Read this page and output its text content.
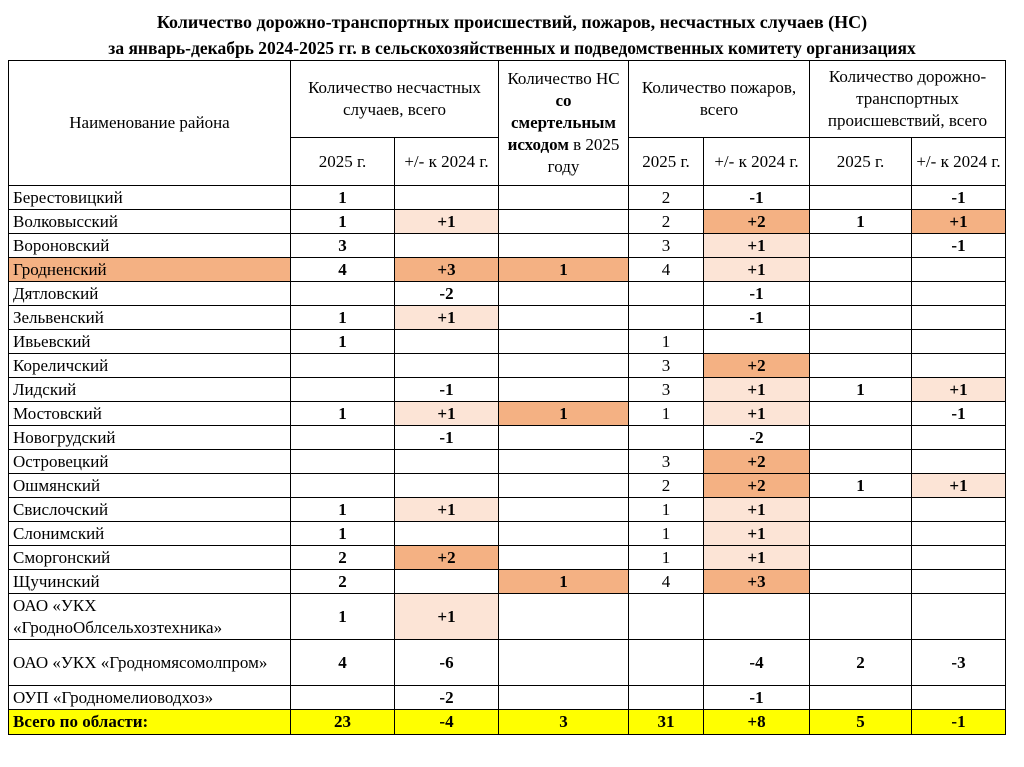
Количество дорожно-транспортных происшествий, пожаров, несчастных случаев (НС)
за январь-декабрь 2024-2025 гг. в сельскохозяйственных и подведомственных комитету организациях
Наименование района	Количество несчастных случаев, всего		Количество НС со смертельным исходом в 2025 году	Количество пожаров, всего		Количество дорожно-транспортных происшевствий, всего	
	2025 г.	+/- к 2024 г.		2025 г.	+/- к 2024 г.	2025 г.	+/- к 2024 г.
Берестовицкий	1			2	-1		-1
Волковысский	1	+1		2	+2	1	+1
Вороновский	3			3	+1		-1
Гродненский	4	+3	1	4	+1		
Дятловский		-2			-1		
Зельвенский	1	+1			-1		
Ивьевский	1			1			
Кореличский				3	+2		
Лидский		-1		3	+1	1	+1
Мостовский	1	+1	1	1	+1		-1
Новогрудский		-1			-2		
Островецкий				3	+2		
Ошмянский				2	+2	1	+1
Свислочский	1	+1		1	+1		
Слонимский	1			1	+1		
Сморгонский	2	+2		1	+1		
Щучинский	2		1	4	+3		
ОАО «УКХ «ГродноОблсельхозтехника»	1	+1					
ОАО «УКХ «Гродномясомолпром»	4	-6			-4	2	-3
ОУП «Гродномелиоводхоз»		-2			-1		
Всего по области:	23	-4	3	31	+8	5	-1
